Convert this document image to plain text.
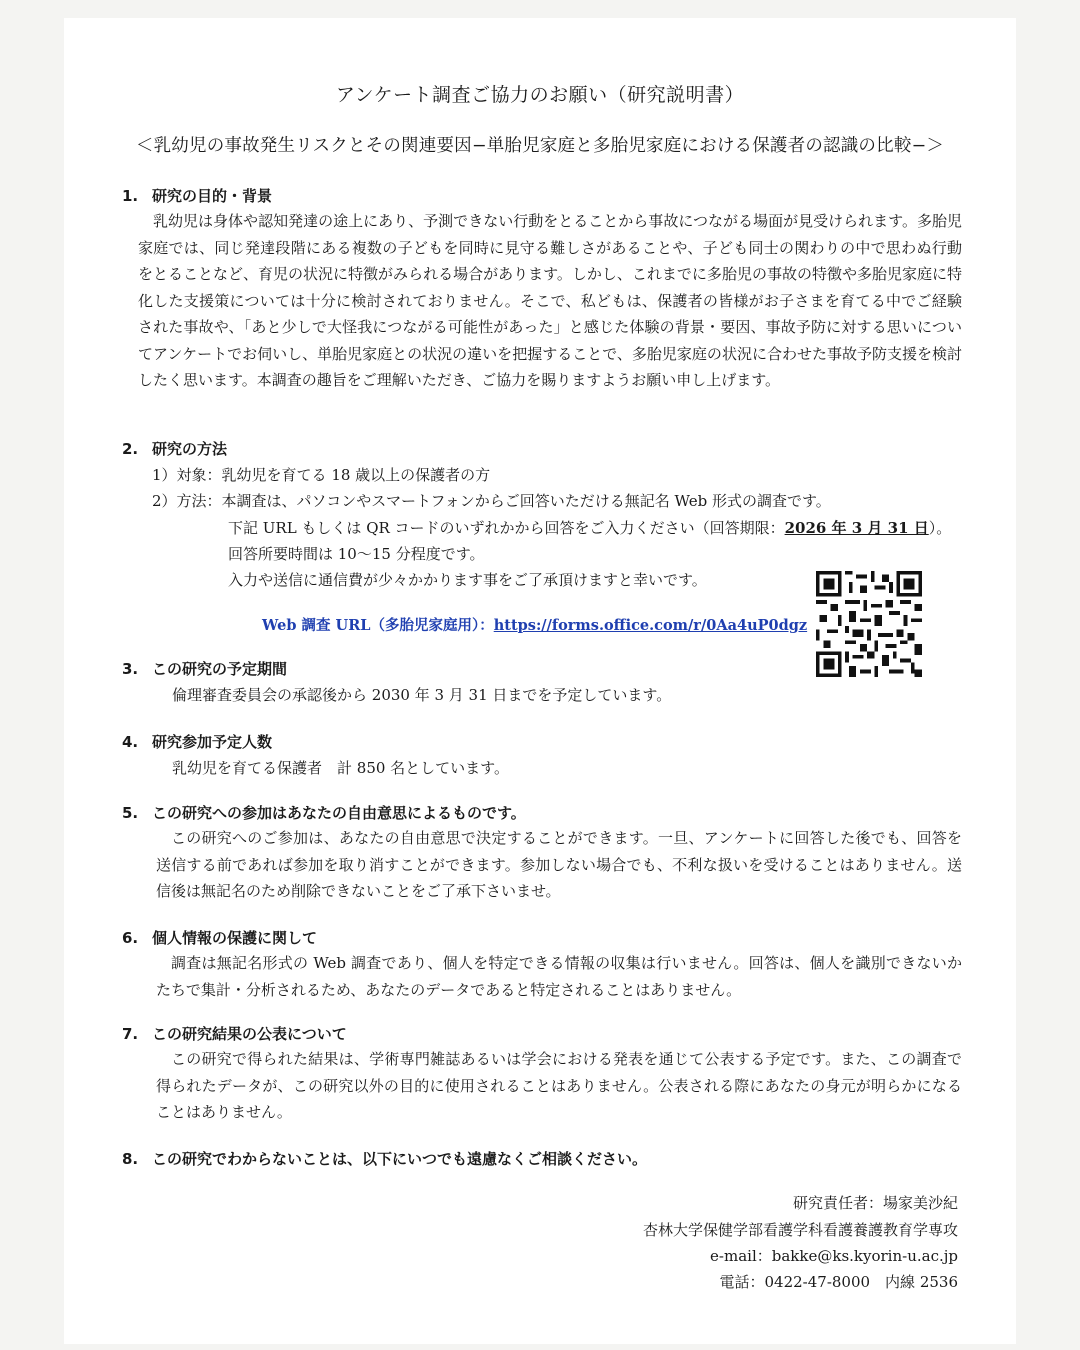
アンケート調査ご協力のお願い（研究説明書）
＜乳幼児の事故発生リスクとその関連要因−単胎児家庭と多胎児家庭における保護者の認識の比較−＞
1. 研究の目的・背景
乳幼児は身体や認知発達の途上にあり、予測できない行動をとることから事故につながる場面が見受けられます。多胎児家庭では、同じ発達段階にある複数の子どもを同時に見守る難しさがあることや、子ども同士の関わりの中で思わぬ行動をとることなど、育児の状況に特徴がみられる場合があります。しかし、これまでに多胎児の事故の特徴や多胎児家庭に特化した支援策については十分に検討されておりません。そこで、私どもは、保護者の皆様がお子さまを育てる中でご経験された事故や、「あと少しで大怪我につながる可能性があった」と感じた体験の背景・要因、事故予防に対する思いについてアンケートでお伺いし、単胎児家庭との状況の違いを把握することで、多胎児家庭の状況に合わせた事故予防支援を検討したく思います。本調査の趣旨をご理解いただき、ご協力を賜りますようお願い申し上げます。
2. 研究の方法
1）対象：乳幼児を育てる 18 歳以上の保護者の方
2）方法：本調査は、パソコンやスマートフォンからご回答いただける無記名 Web 形式の調査です。
下記 URL もしくは QR コードのいずれかから回答をご入力ください（回答期限：2026 年 3 月 31 日）。
回答所要時間は 10〜15 分程度です。
入力や送信に通信費が少々かかります事をご了承頂けますと幸いです。
Web 調査 URL（多胎児家庭用）：https://forms.office.com/r/0Aa4uP0dgz
3. この研究の予定期間
倫理審査委員会の承認後から 2030 年 3 月 31 日までを予定しています。
4. 研究参加予定人数
乳幼児を育てる保護者　計 850 名としています。
5. この研究への参加はあなたの自由意思によるものです。
この研究へのご参加は、あなたの自由意思で決定することができます。一旦、アンケートに回答した後でも、回答を送信する前であれば参加を取り消すことができます。参加しない場合でも、不利な扱いを受けることはありません。送信後は無記名のため削除できないことをご了承下さいませ。
6. 個人情報の保護に関して
調査は無記名形式の Web 調査であり、個人を特定できる情報の収集は行いません。回答は、個人を識別できないかたちで集計・分析されるため、あなたのデータであると特定されることはありません。
7. この研究結果の公表について
この研究で得られた結果は、学術専門雑誌あるいは学会における発表を通じて公表する予定です。また、この調査で得られたデータが、この研究以外の目的に使用されることはありません。公表される際にあなたの身元が明らかになることはありません。
8. この研究でわからないことは、以下にいつでも遠慮なくご相談ください。
研究責任者：場家美沙紀
杏林大学保健学部看護学科看護養護教育学専攻
e-mail：bakke@ks.kyorin-u.ac.jp
電話：0422-47-8000　内線 2536
